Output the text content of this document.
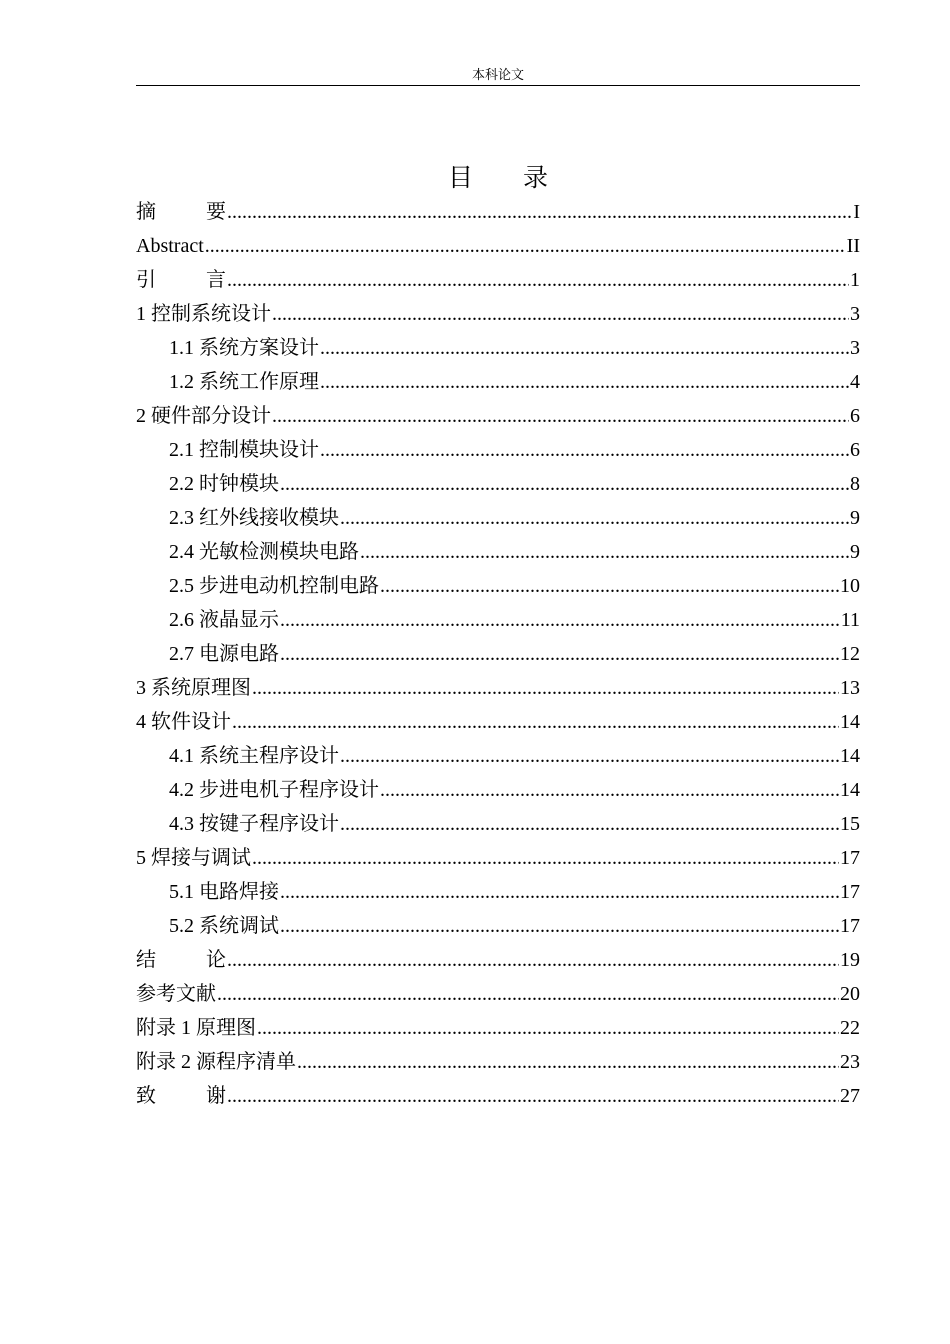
本科论文
目　　录
摘　　要 .....	I
Abstract .....	II
引　　言 .....	1
1 控制系统设计 .....	3
1.1 系统方案设计 .....	3
1.2 系统工作原理 .....	4
2 硬件部分设计 .....	6
2.1 控制模块设计 .....	6
2.2 时钟模块 .....	8
2.3 红外线接收模块 .....	9
2.4 光敏检测模块电路 .....	9
2.5 步进电动机控制电路 .....	10
2.6 液晶显示 .....	11
2.7 电源电路 .....	12
3 系统原理图 .....	13
4 软件设计 .....	14
4.1 系统主程序设计 .....	14
4.2 步进电机子程序设计 .....	14
4.3 按键子程序设计 .....	15
5 焊接与调试 .....	17
5.1 电路焊接 .....	17
5.2 系统调试 .....	17
结　　论 .....	19
参考文献 .....	20
附录 1 原理图 .....	22
附录 2 源程序清单 .....	23
致　　谢 .....	27
